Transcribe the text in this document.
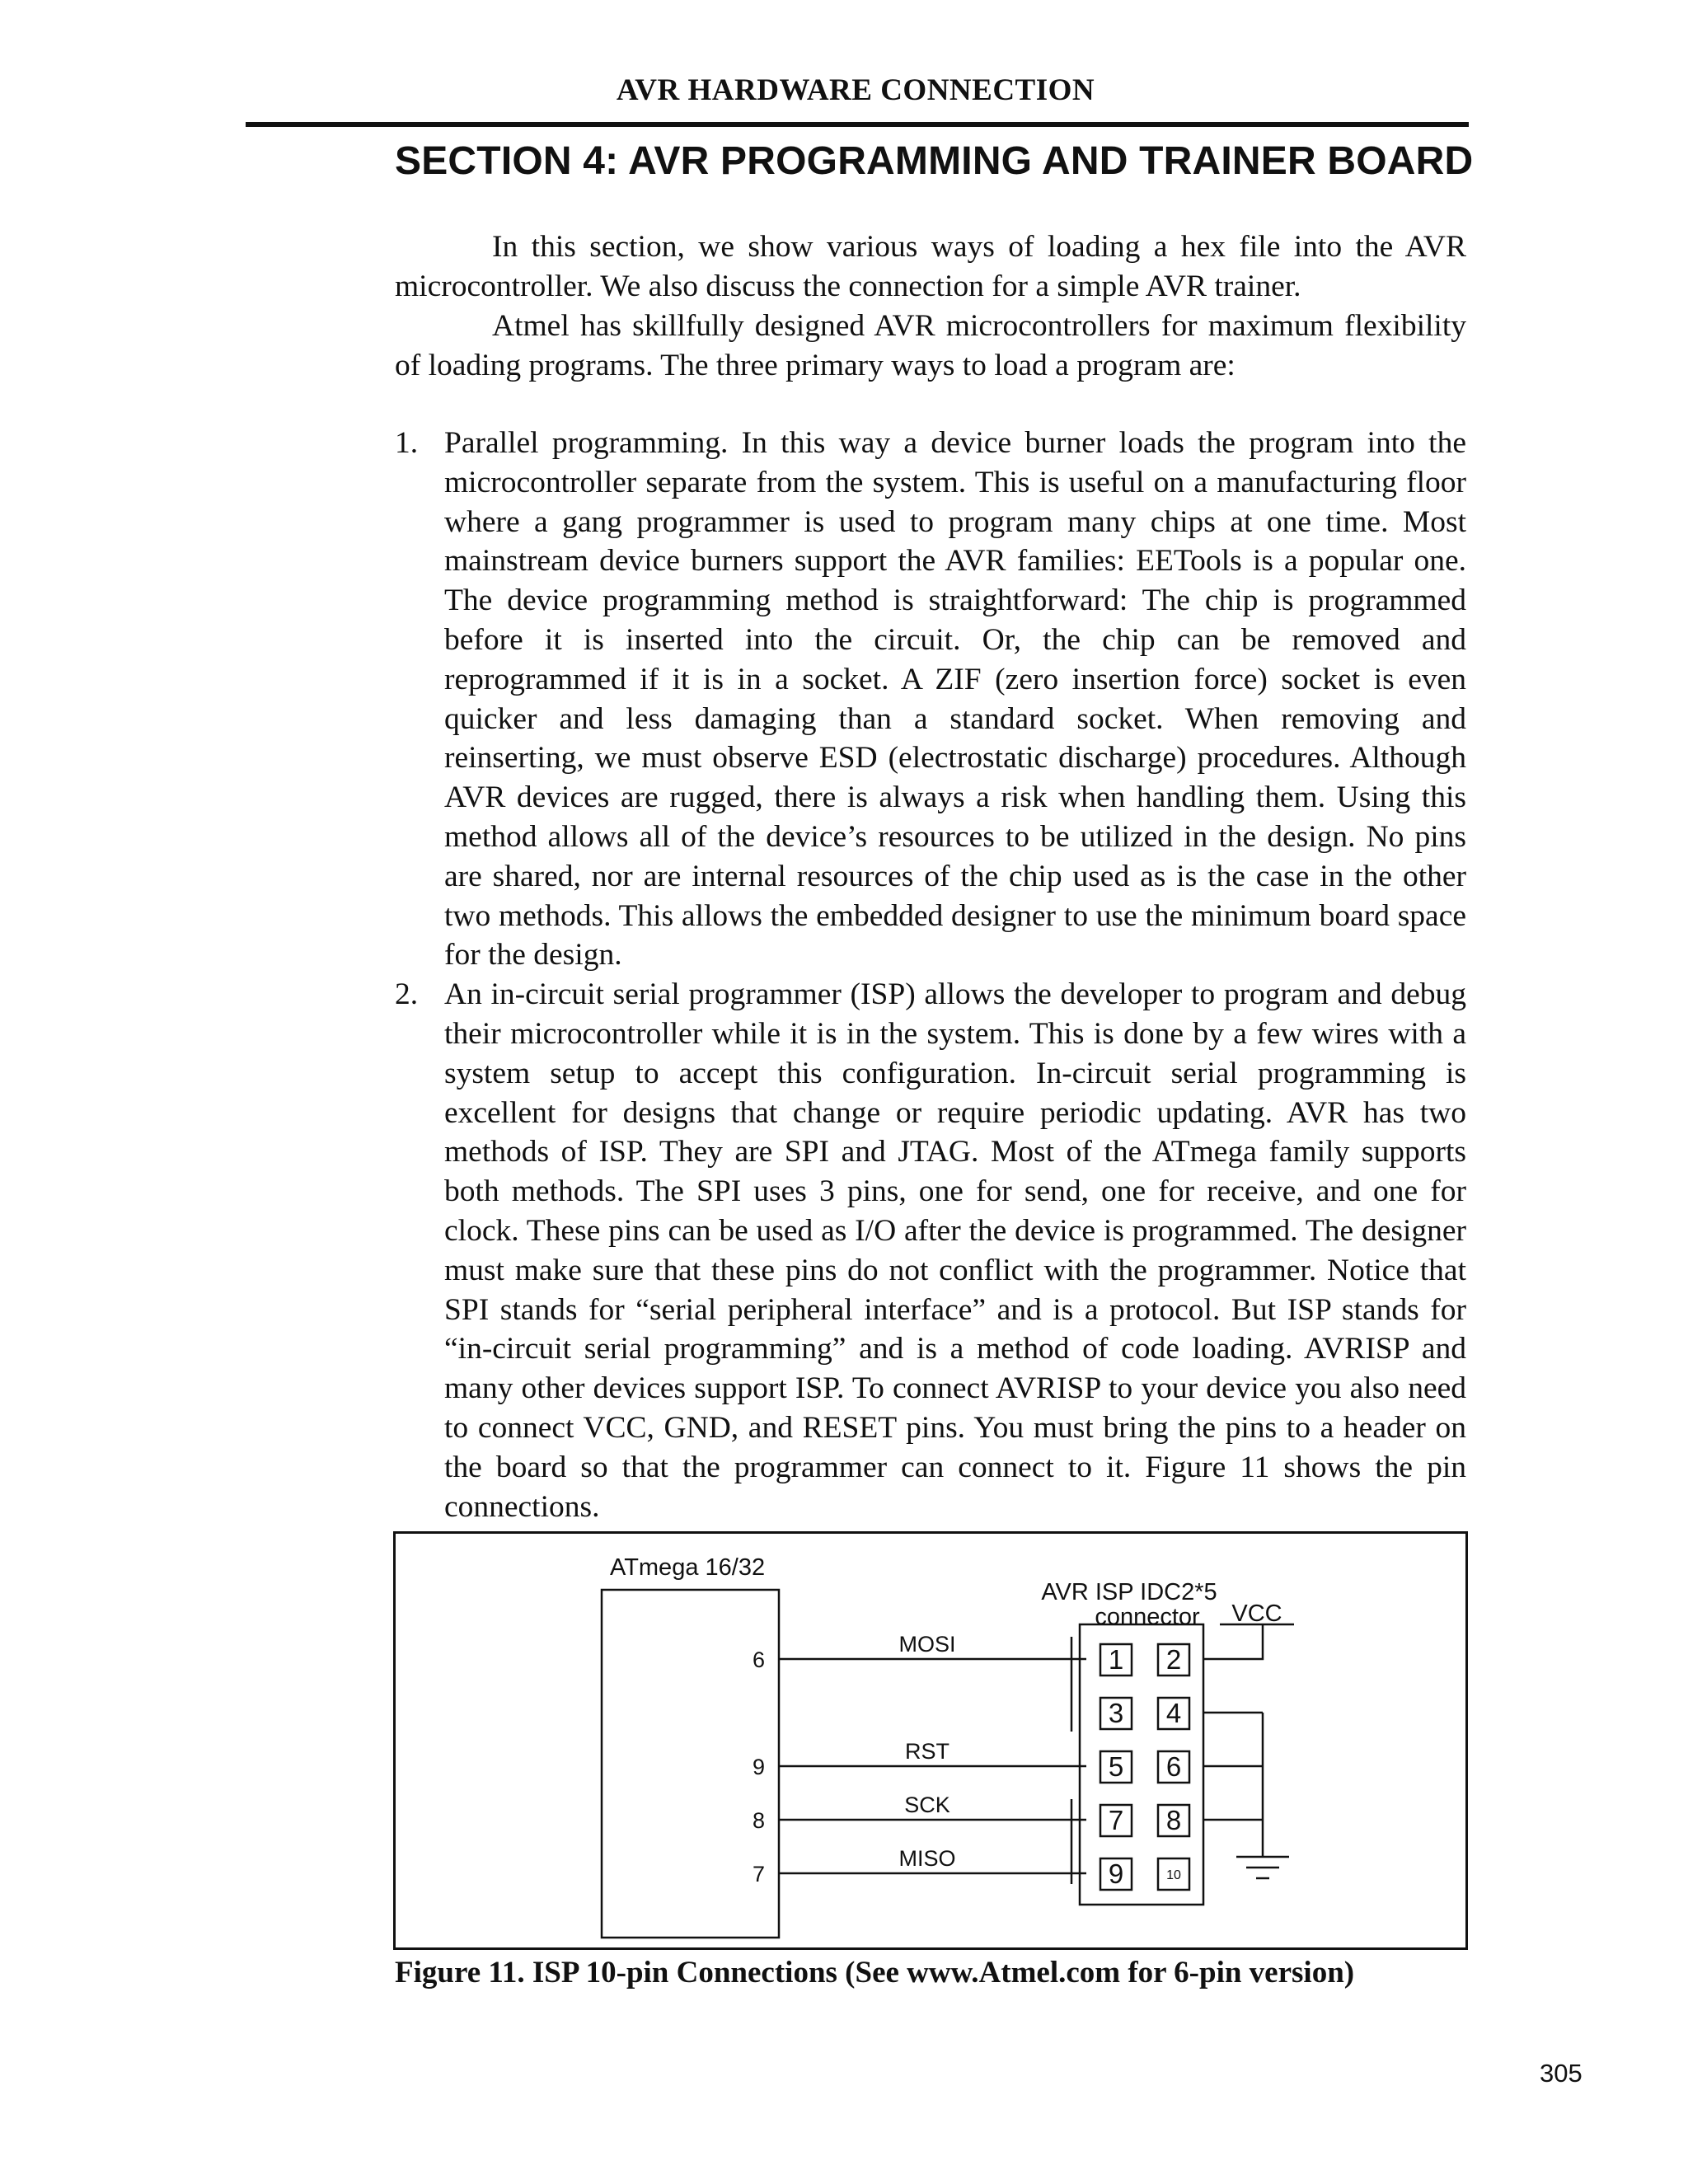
AVR HARDWARE CONNECTION
SECTION 4: AVR PROGRAMMING AND TRAINER BOARD

In this section, we show various ways of loading a hex file into the AVR microcontroller. We also discuss the connection for a simple AVR trainer.

Atmel has skillfully designed AVR microcontrollers for maximum flexibility of loading programs. The three primary ways to load a program are:

1. Parallel programming. In this way a device burner loads the program into the microcontroller separate from the system. This is useful on a manufacturing floor where a gang programmer is used to program many chips at one time. Most mainstream device burners support the AVR families: EETools is a popular one. The device programming method is straightforward: The chip is programmed before it is inserted into the circuit. Or, the chip can be removed and reprogrammed if it is in a socket. A ZIF (zero insertion force) socket is even quicker and less damaging than a standard socket. When removing and reinserting, we must observe ESD (electrostatic discharge) procedures. Although AVR devices are rugged, there is always a risk when handling them. Using this method allows all of the device’s resources to be utilized in the design. No pins are shared, nor are internal resources of the chip used as is the case in the other two methods. This allows the embedded designer to use the minimum board space for the design.
2. An in-circuit serial programmer (ISP) allows the developer to program and debug their microcontroller while it is in the system. This is done by a few wires with a system setup to accept this configuration. In-circuit serial programming is excellent for designs that change or require periodic updating. AVR has two methods of ISP. They are SPI and JTAG. Most of the ATmega family supports both methods. The SPI uses 3 pins, one for send, one for receive, and one for clock. These pins can be used as I/O after the device is programmed. The designer must make sure that these pins do not conflict with the programmer. Notice that SPI stands for “serial peripheral interface” and is a protocol. But ISP stands for “in-circuit serial programming” and is a method of code loading. AVRISP and many other devices support ISP. To connect AVRISP to your device you also need to connect VCC, GND, and RESET pins. You must bring the pins to a header on the board so that the programmer can connect to it. Figure 11 shows the pin connections.
ATmega 16/32
AVR ISP IDC2*5
connector VCC
6
9
8
7
MOSI
RST
SCK
MISO
1 2
3 4
5 6
7 8
9	10
Figure 11. ISP 10-pin Connections (See www.Atmel.com for 6-pin version)
305
